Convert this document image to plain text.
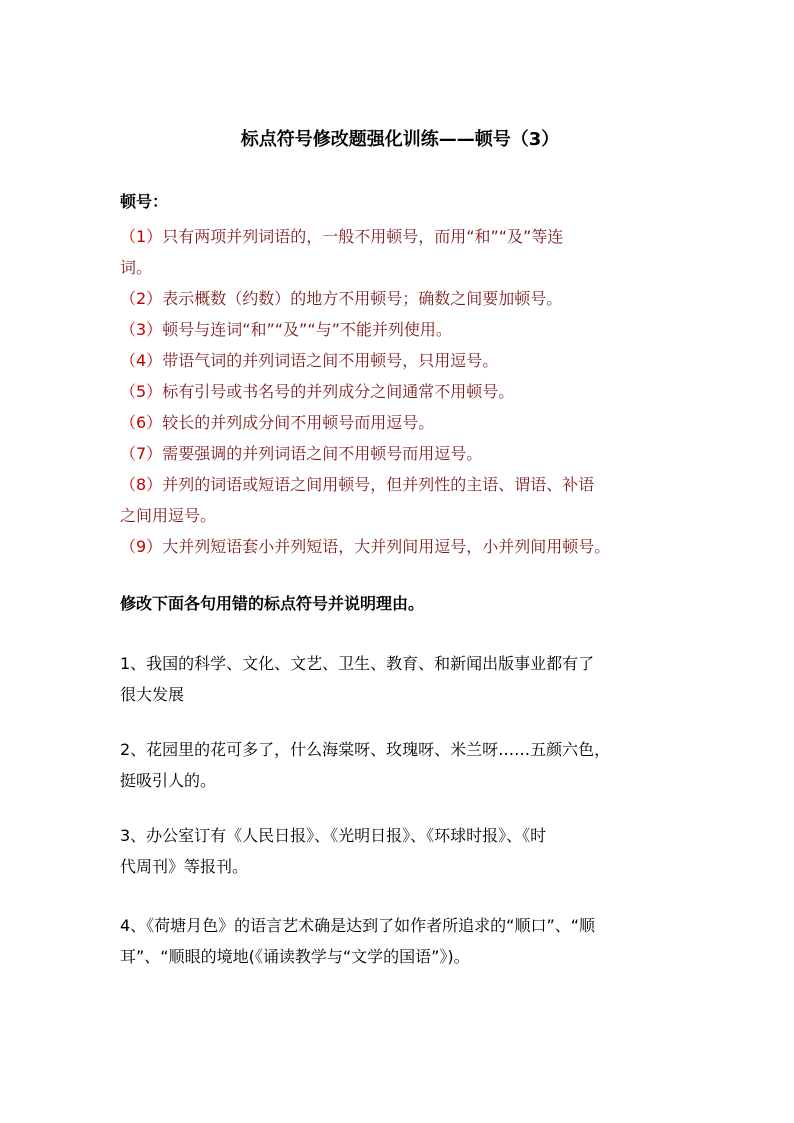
标点符号修改题强化训练——顿号（3）
顿号：
（1）只有两项并列词语的，一般不用顿号，而用“和”“及”等连
词。
（2）表示概数（约数）的地方不用顿号；确数之间要加顿号。
（3）顿号与连词“和”“及”“与”不能并列使用。
（4）带语气词的并列词语之间不用顿号，只用逗号。
（5）标有引号或书名号的并列成分之间通常不用顿号。
（6）较长的并列成分间不用顿号而用逗号。
（7）需要强调的并列词语之间不用顿号而用逗号。
（8）并列的词语或短语之间用顿号，但并列性的主语、谓语、补语
之间用逗号。
（9）大并列短语套小并列短语，大并列间用逗号，小并列间用顿号。
修改下面各句用错的标点符号并说明理由。
1、我国的科学、文化、文艺、卫生、教育、和新闻出版事业都有了
很大发展
2、花园里的花可多了，什么海棠呀、玫瑰呀、米兰呀……五颜六色，
挺吸引人的。
3、办公室订有《人民日报》、《光明日报》、《环球时报》、《时
代周刊》等报刊。
4、《荷塘月色》的语言艺术确是达到了如作者所追求的“顺口”、“顺
耳”、“顺眼的境地(《诵读教学与“文学的国语”》)。
